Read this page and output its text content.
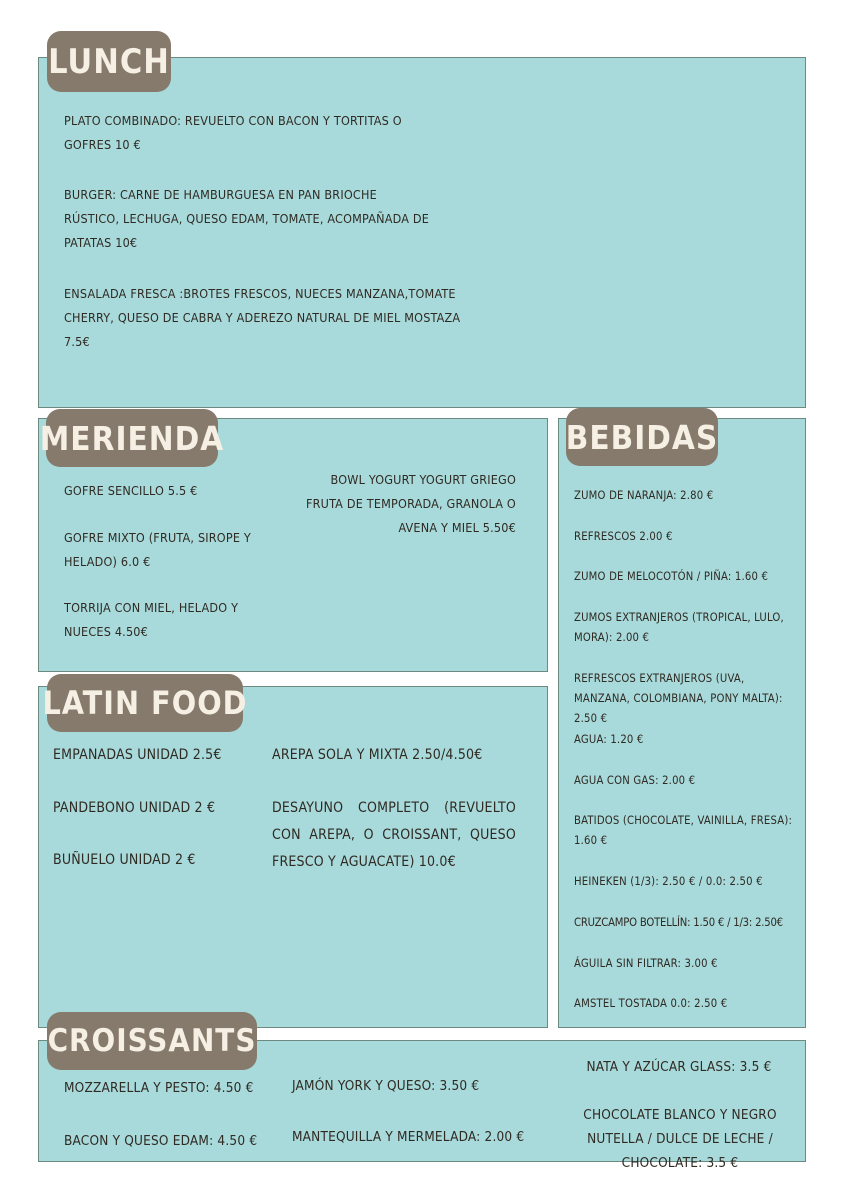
LUNCH
PLATO COMBINADO: REVUELTO CON BACON Y TORTITAS O GOFRES 10 €
BURGER: CARNE DE HAMBURGUESA EN PAN BRIOCHE RÚSTICO, LECHUGA, QUESO EDAM, TOMATE, ACOMPAÑADA DE PATATAS 10€
ENSALADA FRESCA :BROTES FRESCOS, NUECES MANZANA,TOMATE CHERRY, QUESO DE CABRA Y ADEREZO NATURAL DE MIEL MOSTAZA 7.5€
MERIENDA
GOFRE SENCILLO 5.5 €
GOFRE MIXTO (FRUTA, SIROPE Y HELADO) 6.0 €
TORRIJA CON MIEL, HELADO Y NUECES 4.50€
BOWL YOGURT YOGURT GRIEGO FRUTA DE TEMPORADA, GRANOLA O AVENA Y MIEL 5.50€
BEBIDAS
ZUMO DE NARANJA: 2.80 €
REFRESCOS 2.00 €
ZUMO DE MELOCOTÓN / PIÑA: 1.60 €
ZUMOS EXTRANJEROS (TROPICAL, LULO, MORA): 2.00 €
REFRESCOS EXTRANJEROS (UVA, MANZANA, COLOMBIANA, PONY MALTA): 2.50 €
AGUA: 1.20 €
AGUA CON GAS: 2.00 €
BATIDOS (CHOCOLATE, VAINILLA, FRESA): 1.60 €
HEINEKEN (1/3): 2.50 € / 0.0: 2.50 €
CRUZCAMPO BOTELLÍN: 1.50 € / 1/3: 2.50€
ÁGUILA SIN FILTRAR: 3.00 €
AMSTEL TOSTADA 0.0: 2.50 €
LATIN FOOD
EMPANADAS UNIDAD 2.5€
PANDEBONO UNIDAD 2 €
BUÑUELO UNIDAD 2 €
AREPA SOLA Y MIXTA 2.50/4.50€
DESAYUNO COMPLETO (REVUELTO CON AREPA, O CROISSANT, QUESO FRESCO Y AGUACATE) 10.0€
CROISSANTS
MOZZARELLA Y PESTO: 4.50 €
BACON Y QUESO EDAM: 4.50 €
JAMÓN YORK Y QUESO: 3.50 €
MANTEQUILLA Y MERMELADA: 2.00 €
NATA Y AZÚCAR GLASS: 3.5 €
CHOCOLATE BLANCO Y NEGRO NUTELLA / DULCE DE LECHE / CHOCOLATE: 3.5 €
